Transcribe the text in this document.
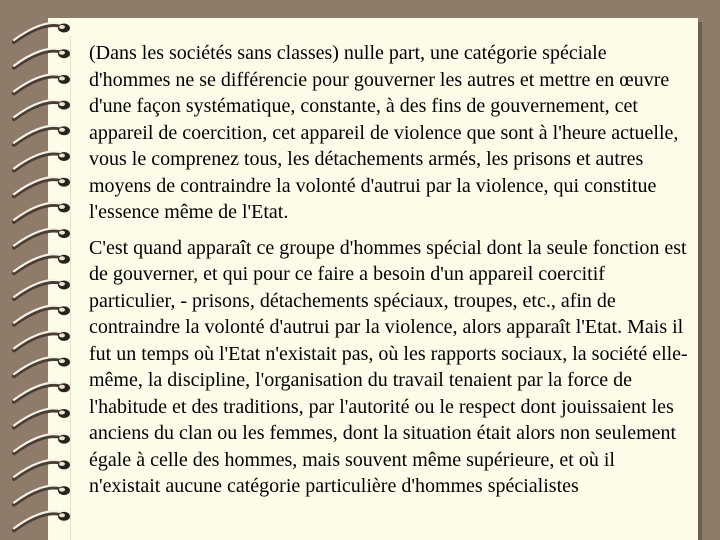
(Dans les sociétés sans classes) nulle part, une catégorie spéciale d'hommes ne se différencie pour gouverner les autres et mettre en œuvre d'une façon systématique, constante, à des fins de gouvernement, cet appareil de coercition, cet appareil de violence que sont à l'heure actuelle, vous le comprenez tous, les détachements armés, les prisons et autres moyens de contraindre la volonté d'autrui par la violence, qui constitue l'essence même de l'Etat.

C'est quand apparaît ce groupe d'hommes spécial dont la seule fonction est de gouverner, et qui pour ce faire a besoin d'un appareil coercitif particulier, - prisons, détachements spéciaux, troupes, etc., afin de contraindre la volonté d'autrui par la violence, alors apparaît l'Etat. Mais il fut un temps où l'Etat n'existait pas, où les rapports sociaux, la société elle-même, la discipline, l'organisation du travail tenaient par la force de l'habitude et des traditions, par l'autorité ou le respect dont jouissaient les anciens du clan ou les femmes, dont la situation était alors non seulement égale à celle des hommes, mais souvent même supérieure, et où il n'existait aucune catégorie particulière d'hommes spécialistes
